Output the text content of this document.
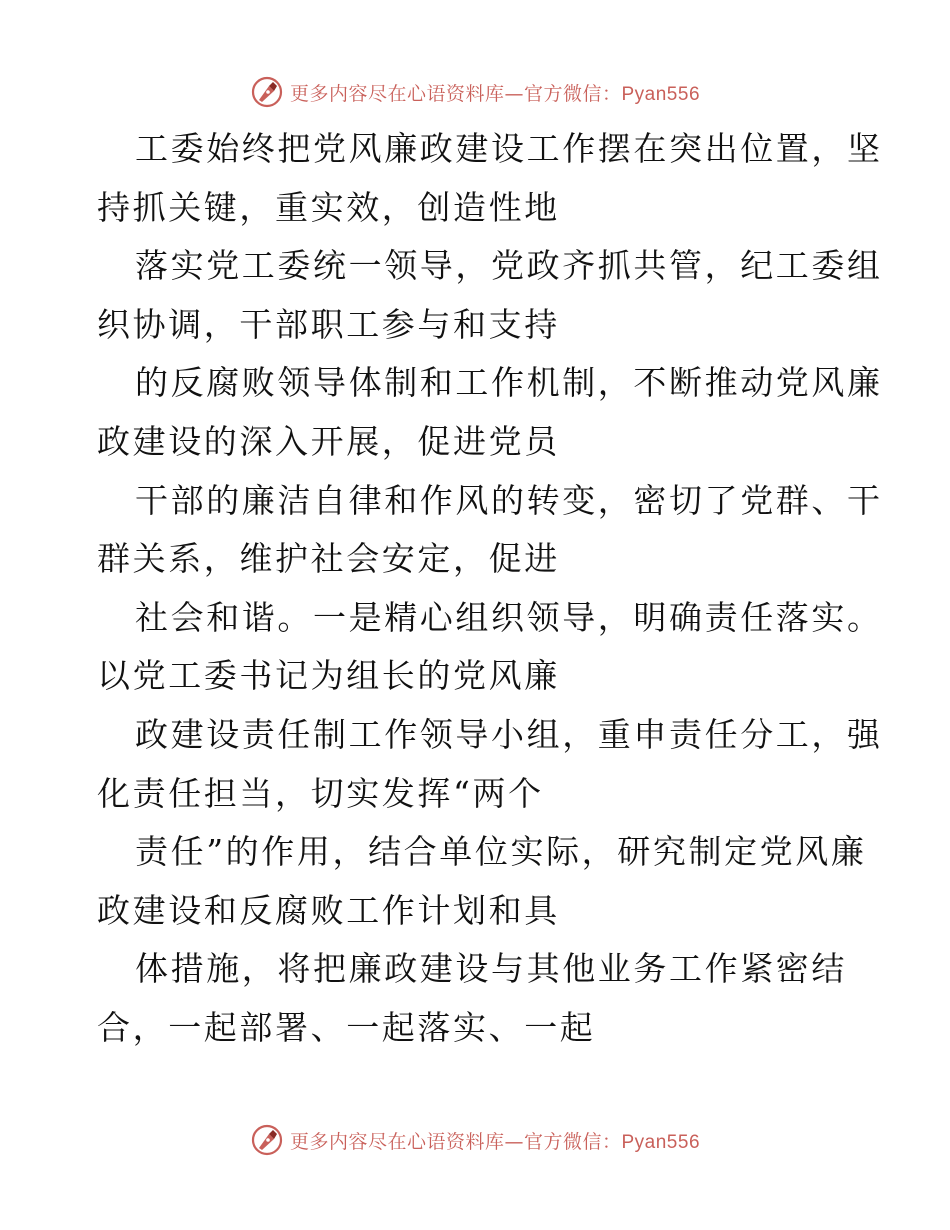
更多内容尽在心语资料库—官方微信：Pyan556
工委始终把党风廉政建设工作摆在突出位置，坚
持抓关键，重实效，创造性地
落实党工委统一领导，党政齐抓共管，纪工委组
织协调，干部职工参与和支持
的反腐败领导体制和工作机制，不断推动党风廉
政建设的深入开展，促进党员
干部的廉洁自律和作风的转变，密切了党群、干
群关系，维护社会安定，促进
社会和谐。一是精心组织领导，明确责任落实。
以党工委书记为组长的党风廉
政建设责任制工作领导小组，重申责任分工，强
化责任担当，切实发挥“两个
责任”的作用，结合单位实际，研究制定党风廉
政建设和反腐败工作计划和具
体措施，将把廉政建设与其他业务工作紧密结
合，一起部署、一起落实、一起
更多内容尽在心语资料库—官方微信：Pyan556
